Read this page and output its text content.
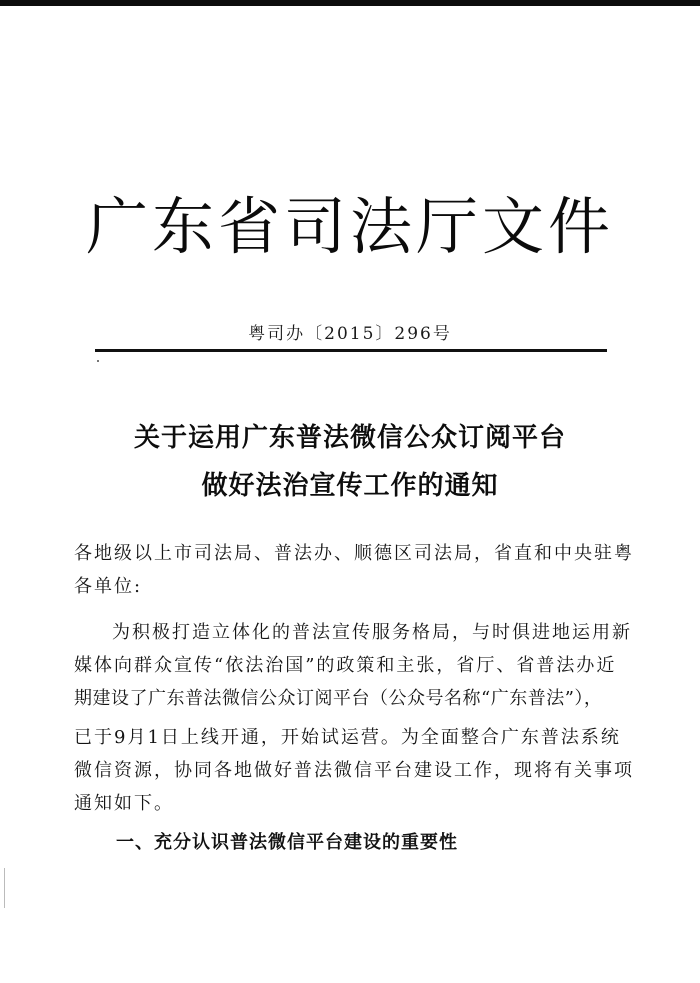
广东省司法厅文件
粤司办〔2015〕296号
关于运用广东普法微信公众订阅平台
做好法治宣传工作的通知
各地级以上市司法局、普法办、顺德区司法局，省直和中央驻粤
各单位:
为积极打造立体化的普法宣传服务格局，与时俱进地运用新
媒体向群众宣传“依法治国”的政策和主张，省厅、省普法办近
期建设了广东普法微信公众订阅平台（公众号名称“广东普法”），
已于9月1日上线开通，开始试运营。为全面整合广东普法系统
微信资源，协同各地做好普法微信平台建设工作，现将有关事项
通知如下。
一、充分认识普法微信平台建设的重要性
